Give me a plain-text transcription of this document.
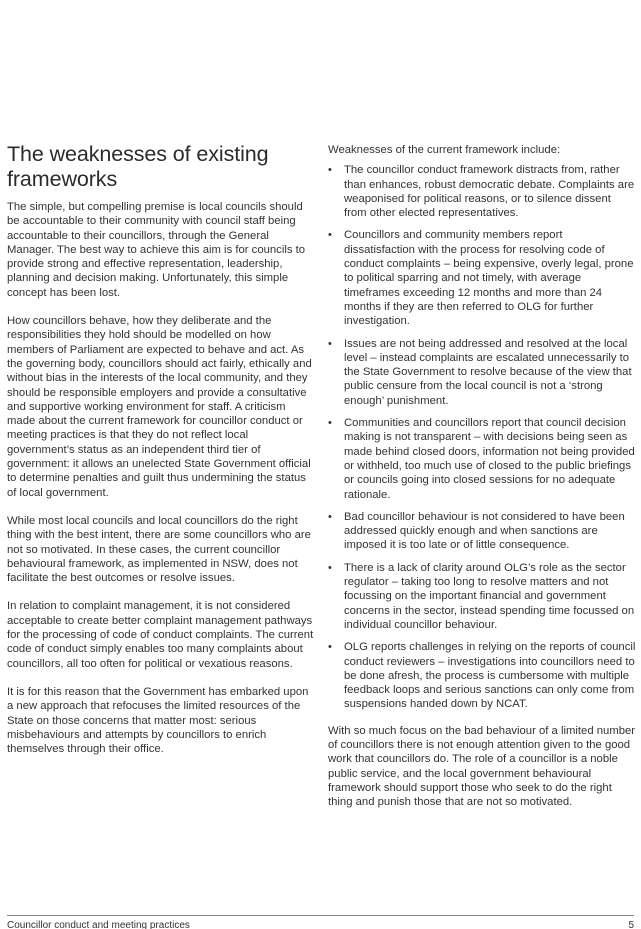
The weaknesses of existing frameworks

The simple, but compelling premise is local councils should be accountable to their community with council staff being accountable to their councillors, through the General Manager. The best way to achieve this aim is for councils to provide strong and effective representation, leadership, planning and decision making. Unfortunately, this simple concept has been lost.

How councillors behave, how they deliberate and the responsibilities they hold should be modelled on how members of Parliament are expected to behave and act. As the governing body, councillors should act fairly, ethically and without bias in the interests of the local community, and they should be responsible employers and provide a consultative and supportive working environment for staff. A criticism made about the current framework for councillor conduct or meeting practices is that they do not reflect local government’s status as an independent third tier of government: it allows an unelected State Government official to determine penalties and guilt thus undermining the status of local government.

While most local councils and local councillors do the right thing with the best intent, there are some councillors who are not so motivated. In these cases, the current councillor behavioural framework, as implemented in NSW, does not facilitate the best outcomes or resolve issues.

In relation to complaint management, it is not considered acceptable to create better complaint management pathways for the processing of code of conduct complaints. The current code of conduct simply enables too many complaints about councillors, all too often for political or vexatious reasons.

It is for this reason that the Government has embarked upon a new approach that refocuses the limited resources of the State on those concerns that matter most: serious misbehaviours and attempts by councillors to enrich themselves through their office.

Weaknesses of the current framework include:

• The councillor conduct framework distracts from, rather than enhances, robust democratic debate. Complaints are weaponised for political reasons, or to silence dissent from other elected representatives.
• Councillors and community members report dissatisfaction with the process for resolving code of conduct complaints – being expensive, overly legal, prone to political sparring and not timely, with average timeframes exceeding 12 months and more than 24 months if they are then referred to OLG for further investigation.
• Issues are not being addressed and resolved at the local level – instead complaints are escalated unnecessarily to the State Government to resolve because of the view that public censure from the local council is not a ‘strong enough’ punishment.
• Communities and councillors report that council decision making is not transparent – with decisions being seen as made behind closed doors, information not being provided or withheld, too much use of closed to the public briefings or councils going into closed sessions for no adequate rationale.
• Bad councillor behaviour is not considered to have been addressed quickly enough and when sanctions are imposed it is too late or of little consequence.
• There is a lack of clarity around OLG’s role as the sector regulator – taking too long to resolve matters and not focussing on the important financial and government concerns in the sector, instead spending time focussed on individual councillor behaviour.
• OLG reports challenges in relying on the reports of council conduct reviewers – investigations into councillors need to be done afresh, the process is cumbersome with multiple feedback loops and serious sanctions can only come from suspensions handed down by NCAT.

With so much focus on the bad behaviour of a limited number of councillors there is not enough attention given to the good work that councillors do. The role of a councillor is a noble public service, and the local government behavioural framework should support those who seek to do the right thing and punish those that are not so motivated.

Councillor conduct and meeting practices	5
